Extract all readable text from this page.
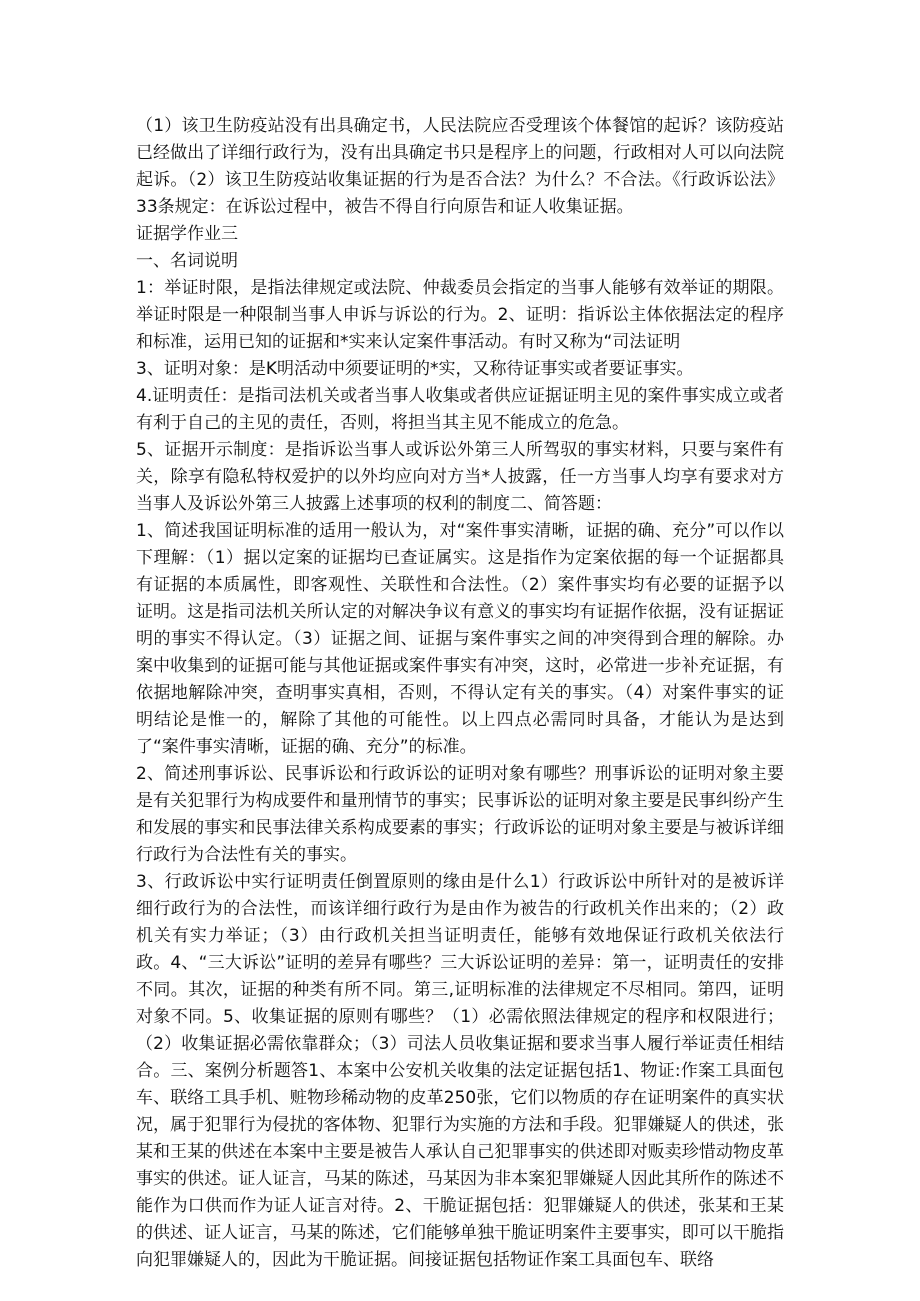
（1）该卫生防疫站没有出具确定书，人民法院应否受理该个体餐馆的起诉？该防疫站已经做出了详细行政行为，没有出具确定书只是程序上的问题，行政相对人可以向法院起诉。（2）该卫生防疫站收集证据的行为是否合法？为什么？不合法。《行政诉讼法》33条规定：在诉讼过程中，被告不得自行向原告和证人收集证据。

证据学作业三

一、名词说明

1：举证时限，是指法律规定或法院、仲裁委员会指定的当事人能够有效举证的期限。举证时限是一种限制当事人申诉与诉讼的行为。2、证明：指诉讼主体依据法定的程序和标准，运用已知的证据和*实来认定案件事活动。有时又称为“司法证明

3、证明对象：是K明活动中须要证明的*实，又称待证事实或者要证事实。

4.证明责任：是指司法机关或者当事人收集或者供应证据证明主见的案件事实成立或者有利于自己的主见的责任，否则，将担当其主见不能成立的危急。

5、证据开示制度：是指诉讼当事人或诉讼外第三人所驾驭的事实材料，只要与案件有关，除享有隐私特权爱护的以外均应向对方当*人披露，任一方当事人均享有要求对方当事人及诉讼外第三人披露上述事项的权利的制度二、简答题：

1、简述我国证明标准的适用一般认为，对“案件事实清晰，证据的确、充分”可以作以下理解：（1）据以定案的证据均已查证属实。这是指作为定案依据的每一个证据都具有证据的本质属性，即客观性、关联性和合法性。（2）案件事实均有必要的证据予以证明。这是指司法机关所认定的对解决争议有意义的事实均有证据作依据，没有证据证明的事实不得认定。（3）证据之间、证据与案件事实之间的冲突得到合理的解除。办案中收集到的证据可能与其他证据或案件事实有冲突，这时，必常进一步补充证据，有依据地解除冲突，查明事实真相，否则，不得认定有关的事实。（4）对案件事实的证明结论是惟一的，解除了其他的可能性。以上四点必需同时具备，才能认为是达到了“案件事实清晰，证据的确、充分”的标准。

2、简述刑事诉讼、民事诉讼和行政诉讼的证明对象有哪些？刑事诉讼的证明对象主要是有关犯罪行为构成要件和量刑情节的事实；民事诉讼的证明对象主要是民事纠纷产生和发展的事实和民事法律关系构成要素的事实；行政诉讼的证明对象主要是与被诉详细行政行为合法性有关的事实。

3、行政诉讼中实行证明责任倒置原则的缘由是什么1）行政诉讼中所针对的是被诉详细行政行为的合法性，而该详细行政行为是由作为被告的行政机关作出来的；（2）政机关有实力举证；（3）由行政机关担当证明责任，能够有效地保证行政机关依法行政。4、“三大诉讼”证明的差异有哪些？三大诉讼证明的差异：第一，证明责任的安排不同。其次，证据的种类有所不同。第三,证明标准的法律规定不尽相同。第四，证明对象不同。5、收集证据的原则有哪些？（1）必需依照法律规定的程序和权限进行；（2）收集证据必需依靠群众；（3）司法人员收集证据和要求当事人履行举证责任相结合。三、案例分析题答1、本案中公安机关收集的法定证据包括1、物证:作案工具面包车、联络工具手机、赃物珍稀动物的皮革250张，它们以物质的存在证明案件的真实状况，属于犯罪行为侵扰的客体物、犯罪行为实施的方法和手段。犯罪嫌疑人的供述，张某和王某的供述在本案中主要是被告人承认自己犯罪事实的供述即对贩卖珍惜动物皮革事实的供述。证人证言，马某的陈述，马某因为非本案犯罪嫌疑人因此其所作的陈述不能作为口供而作为证人证言对待。2、干脆证据包括：犯罪嫌疑人的供述，张某和王某的供述、证人证言，马某的陈述，它们能够单独干脆证明案件主要事实，即可以干脆指向犯罪嫌疑人的，因此为干脆证据。间接证据包括物证作案工具面包车、联络
